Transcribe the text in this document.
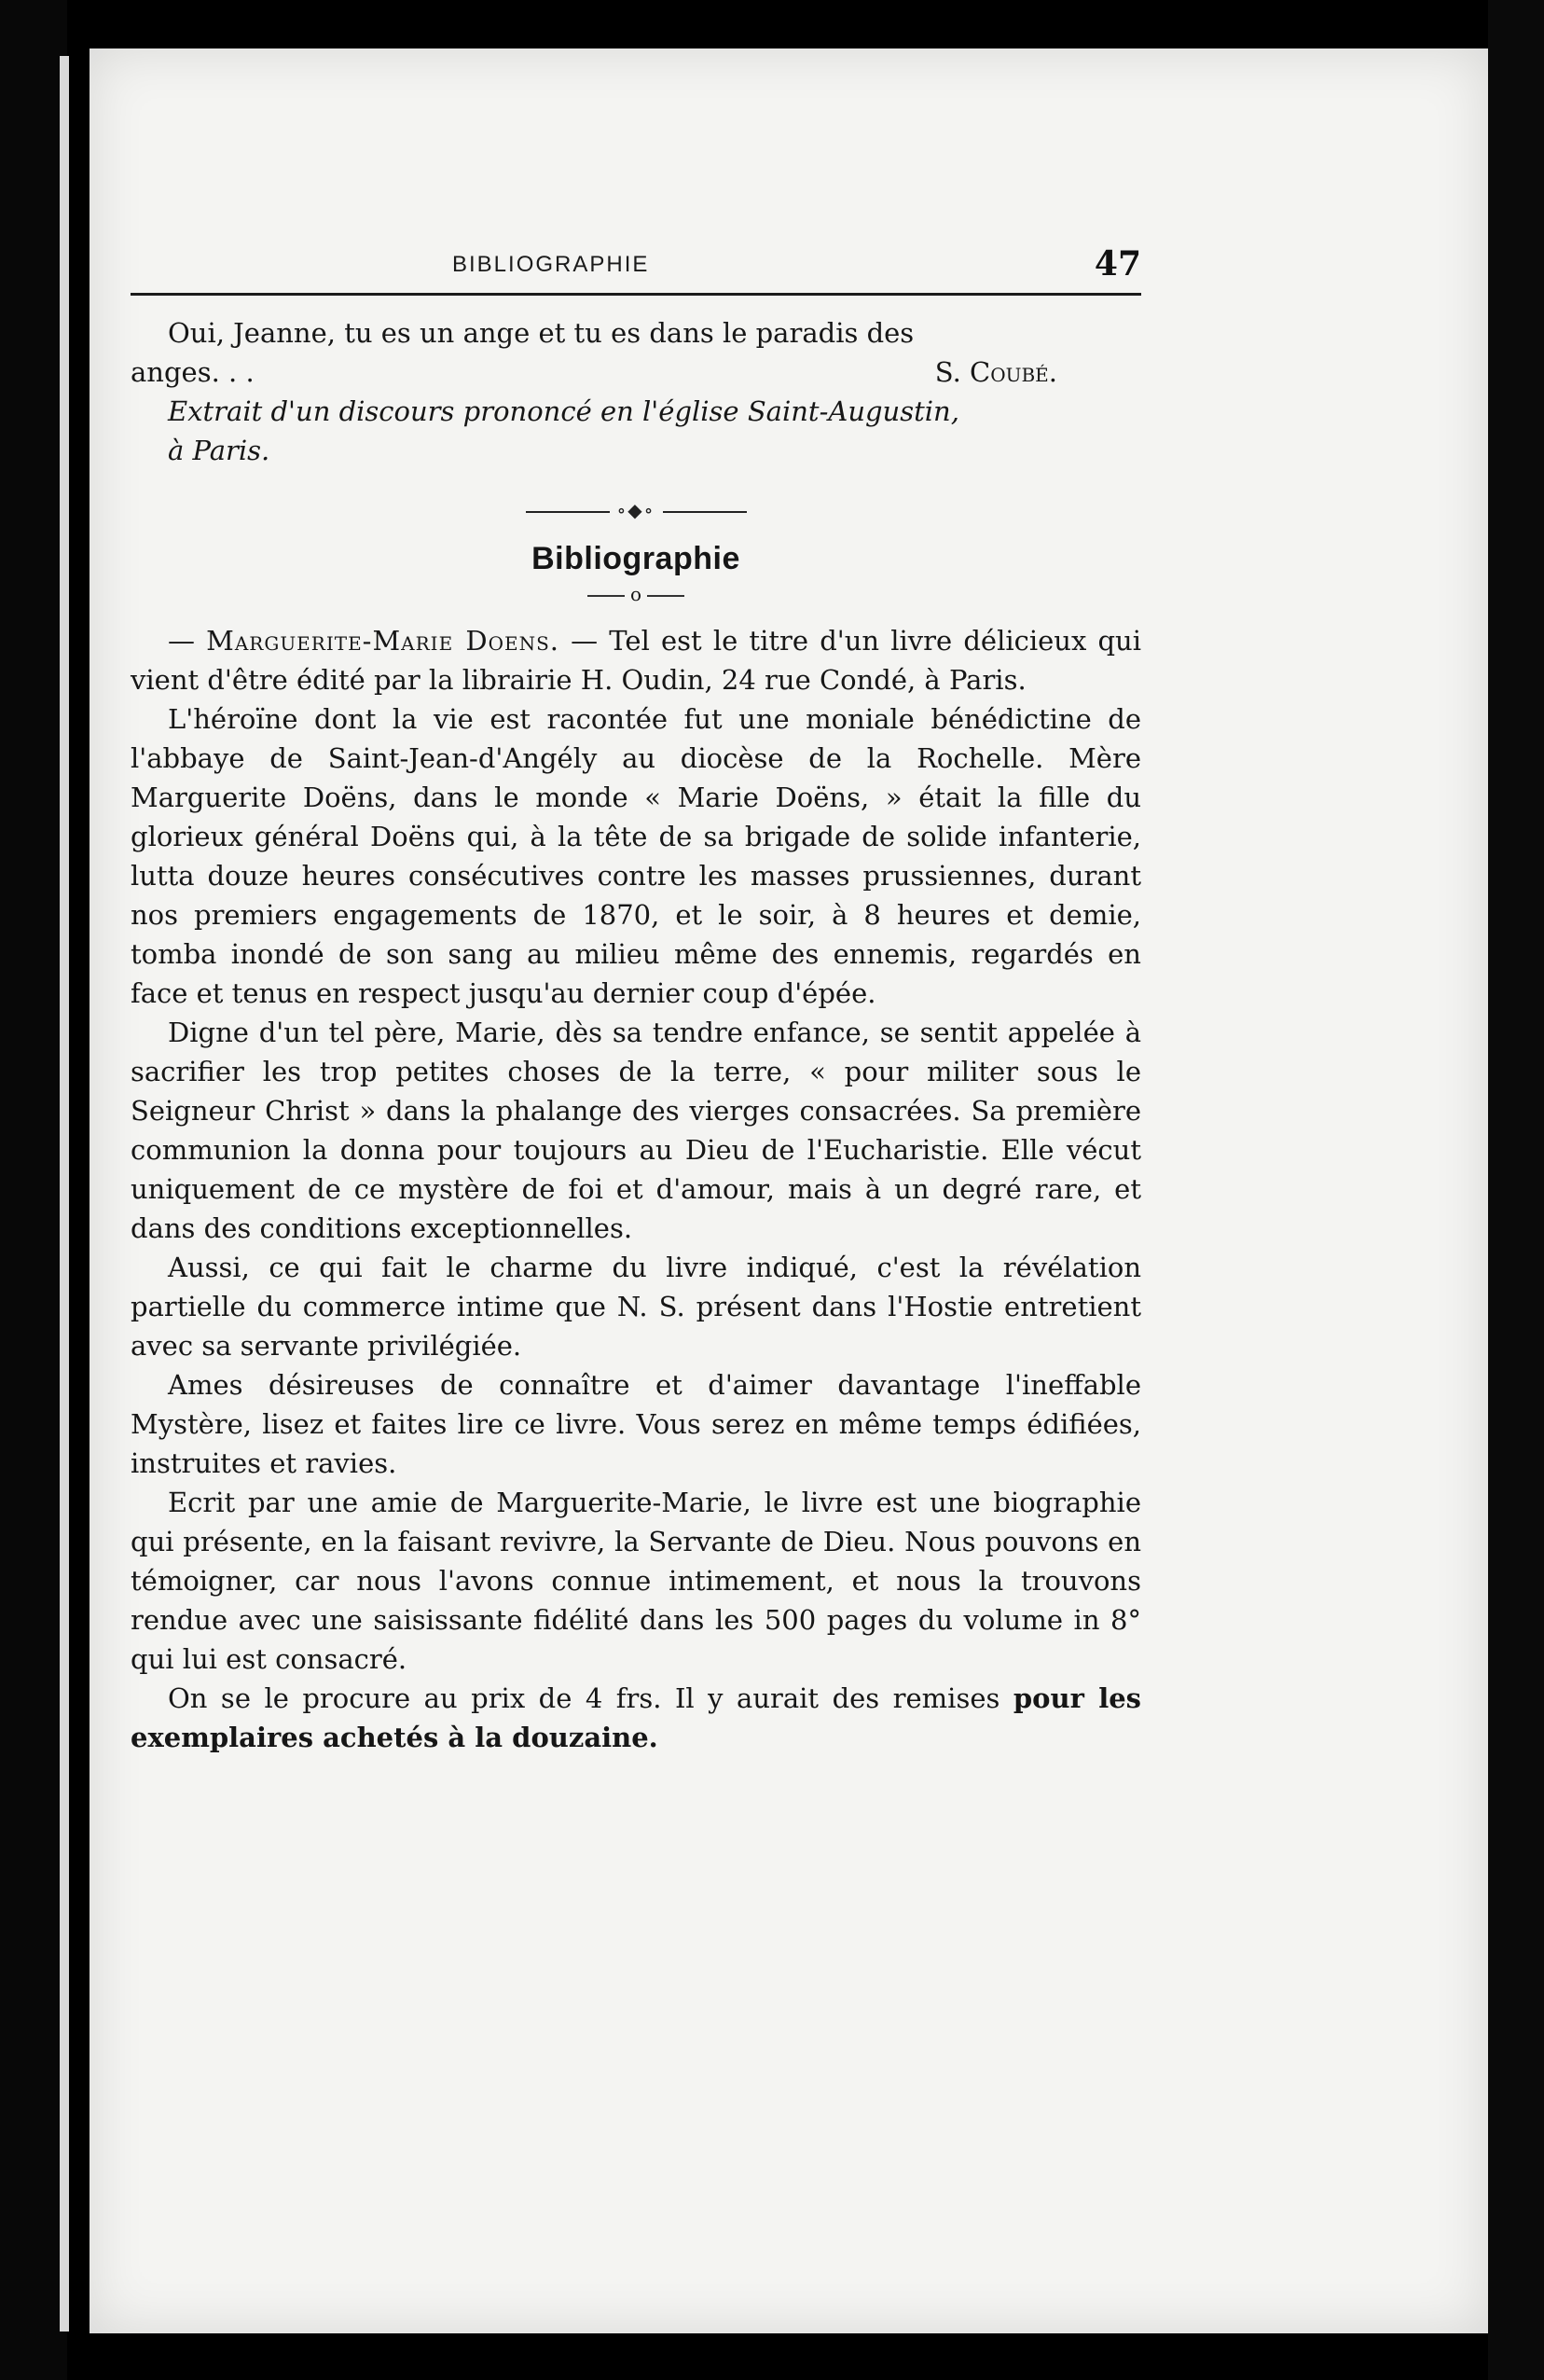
BIBLIOGRAPHIE	47

Oui, Jeanne, tu es un ange et tu es dans le paradis des

anges. . .	S. Coubé.

Extrait d'un discours prononcé en l'église Saint-Augustin,

à Paris.

∘◆∘
Bibliographie
o

— Marguerite-Marie Doens. — Tel est le titre d'un livre délicieux qui vient d'être édité par la librairie H. Oudin, 24 rue Condé, à Paris.

L'héroïne dont la vie est racontée fut une moniale bénédictine de l'abbaye de Saint-Jean-d'Angély au diocèse de la Rochelle. Mère Marguerite Doëns, dans le monde « Marie Doëns, » était la fille du glorieux général Doëns qui, à la tête de sa brigade de solide infanterie, lutta douze heures consécutives contre les masses prussiennes, durant nos premiers engagements de 1870, et le soir, à 8 heures et demie, tomba inondé de son sang au milieu même des ennemis, regardés en face et tenus en respect jusqu'au dernier coup d'épée.

Digne d'un tel père, Marie, dès sa tendre enfance, se sentit appelée à sacrifier les trop petites choses de la terre, « pour militer sous le Seigneur Christ » dans la phalange des vierges consacrées. Sa première communion la donna pour toujours au Dieu de l'Eucharistie. Elle vécut uniquement de ce mystère de foi et d'amour, mais à un degré rare, et dans des conditions exceptionnelles.

Aussi, ce qui fait le charme du livre indiqué, c'est la révélation partielle du commerce intime que N. S. présent dans l'Hostie entretient avec sa servante privilégiée.

Ames désireuses de connaître et d'aimer davantage l'ineffable Mystère, lisez et faites lire ce livre. Vous serez en même temps édifiées, instruites et ravies.

Ecrit par une amie de Marguerite-Marie, le livre est une biographie qui présente, en la faisant revivre, la Servante de Dieu. Nous pouvons en témoigner, car nous l'avons connue intimement, et nous la trouvons rendue avec une saisissante fidélité dans les 500 pages du volume in 8° qui lui est consacré.

On se le procure au prix de 4 frs. Il y aurait des remises pour les exemplaires achetés à la douzaine.
